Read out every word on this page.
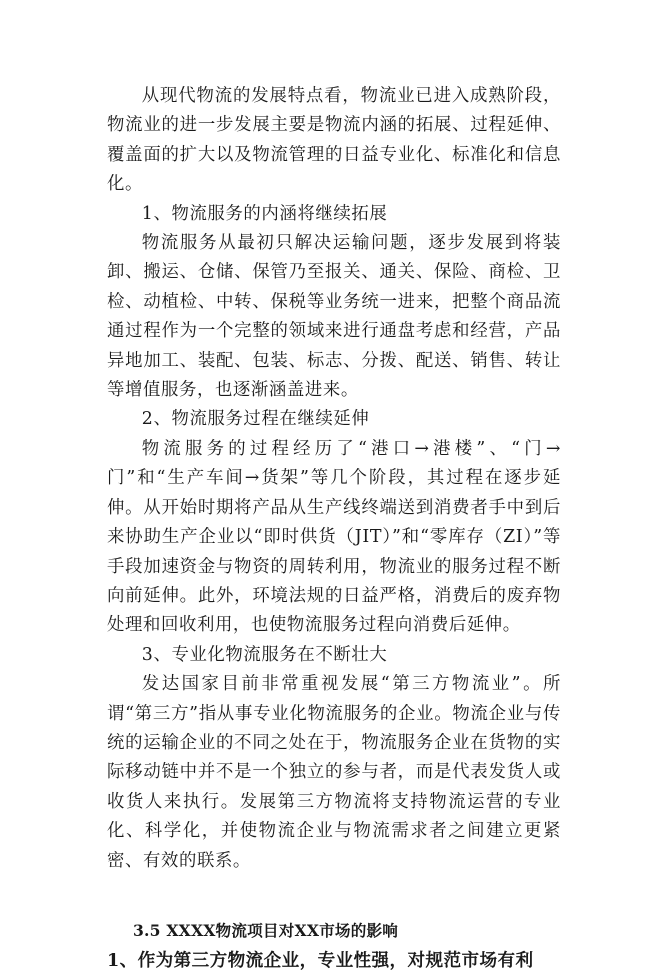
从现代物流的发展特点看，物流业已进入成熟阶段，物流业的进一步发展主要是物流内涵的拓展、过程延伸、覆盖面的扩大以及物流管理的日益专业化、标准化和信息化。

1、物流服务的内涵将继续拓展

物流服务从最初只解决运输问题，逐步发展到将装卸、搬运、仓储、保管乃至报关、通关、保险、商检、卫检、动植检、中转、保税等业务统一进来，把整个商品流通过程作为一个完整的领域来进行通盘考虑和经营，产品异地加工、装配、包装、标志、分拨、配送、销售、转让等增值服务，也逐渐涵盖进来。

2、物流服务过程在继续延伸

物流服务的过程经历了“港口→港楼”、“门→门”和“生产车间→货架”等几个阶段，其过程在逐步延伸。从开始时期将产品从生产线终端送到消费者手中到后来协助生产企业以“即时供货（JIT）”和“零库存（ZI）”等手段加速资金与物资的周转利用，物流业的服务过程不断向前延伸。此外，环境法规的日益严格，消费后的废弃物处理和回收利用，也使物流服务过程向消费后延伸。

3、专业化物流服务在不断壮大

发达国家目前非常重视发展“第三方物流业”。所谓“第三方”指从事专业化物流服务的企业。物流企业与传统的运输企业的不同之处在于，物流服务企业在货物的实际移动链中并不是一个独立的参与者，而是代表发货人或收货人来执行。发展第三方物流将支持物流运营的专业化、科学化，并使物流企业与物流需求者之间建立更紧密、有效的联系。

3.5 XXXX物流项目对XX市场的影响

1、作为第三方物流企业，专业性强，对规范市场有利
